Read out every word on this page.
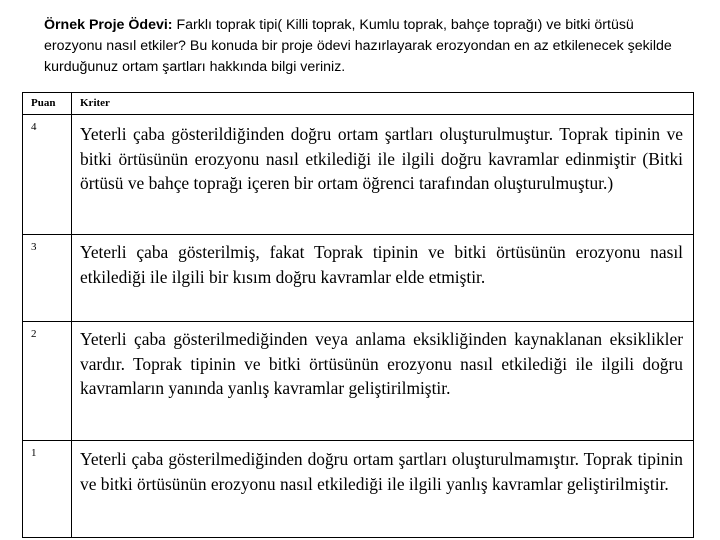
Örnek Proje Ödevi: Farklı toprak tipi( Killi toprak, Kumlu toprak, bahçe toprağı) ve bitki örtüsü erozyonu nasıl etkiler? Bu konuda bir proje ödevi hazırlayarak erozyondan en az etkilenecek şekilde kurduğunuz ortam şartları hakkında bilgi veriniz.
Puan	Kriter
4	Yeterli çaba gösterildiğinden doğru ortam şartları oluşturulmuştur. Toprak tipinin ve bitki örtüsünün erozyonu nasıl etkilediği ile ilgili doğru kavramlar edinmiştir (Bitki örtüsü ve bahçe toprağı içeren bir ortam öğrenci tarafından oluşturulmuştur.)
3	Yeterli çaba gösterilmiş, fakat Toprak tipinin ve bitki örtüsünün erozyonu nasıl etkilediği ile ilgili bir kısım doğru kavramlar elde etmiştir.
2	Yeterli çaba gösterilmediğinden veya anlama eksikliğinden kaynaklanan eksiklikler vardır. Toprak tipinin ve bitki örtüsünün erozyonu nasıl etkilediği ile ilgili doğru kavramların yanında yanlış kavramlar geliştirilmiştir.
1	Yeterli çaba gösterilmediğinden doğru ortam şartları oluşturulmamıştır. Toprak tipinin ve bitki örtüsünün erozyonu nasıl etkilediği ile ilgili yanlış kavramlar geliştirilmiştir.
